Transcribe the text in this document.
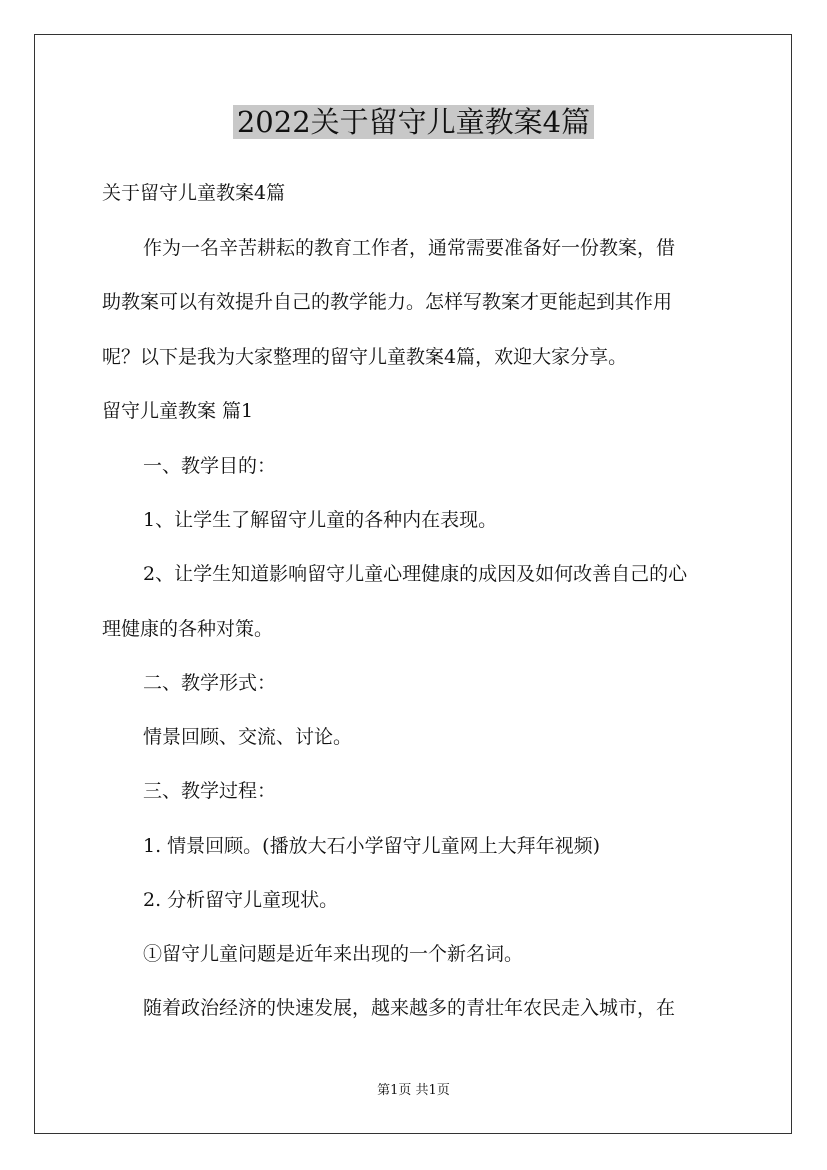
2022关于留守儿童教案4篇
关于留守儿童教案4篇
作为一名辛苦耕耘的教育工作者，通常需要准备好一份教案，借
助教案可以有效提升自己的教学能力。怎样写教案才更能起到其作用
呢？以下是我为大家整理的留守儿童教案4篇，欢迎大家分享。
留守儿童教案 篇1
一、教学目的：
1、让学生了解留守儿童的各种内在表现。
2、让学生知道影响留守儿童心理健康的成因及如何改善自己的心
理健康的各种对策。
二、教学形式：
情景回顾、交流、讨论。
三、教学过程：
1. 情景回顾。(播放大石小学留守儿童网上大拜年视频)
2. 分析留守儿童现状。
①留守儿童问题是近年来出现的一个新名词。
随着政治经济的快速发展，越来越多的青壮年农民走入城市，在
第1页 共1页
